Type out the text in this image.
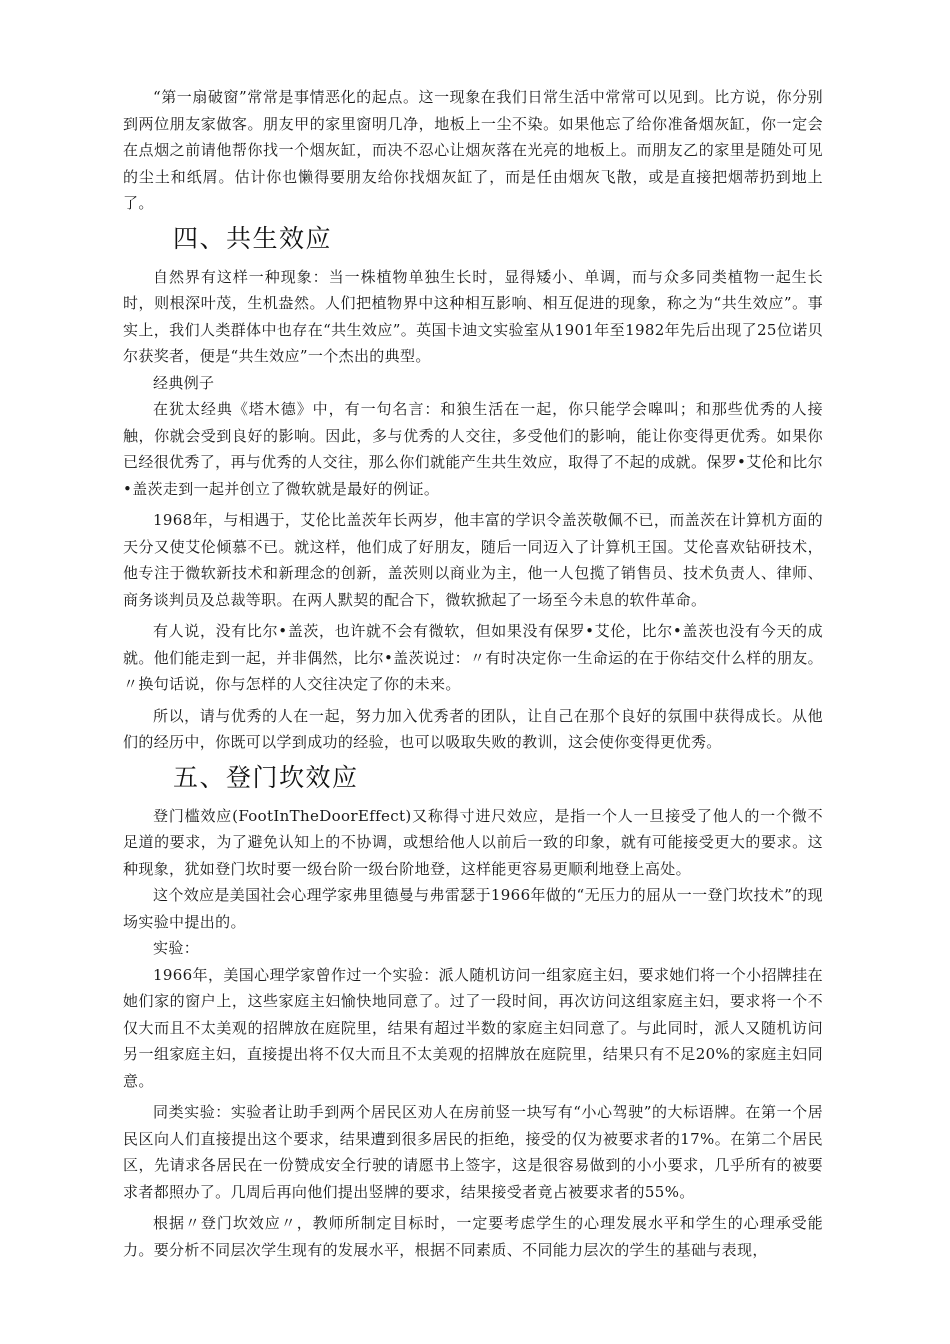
“第一扇破窗”常常是事情恶化的起点。这一现象在我们日常生活中常常可以见到。比方说，你分别到两位朋友家做客。朋友甲的家里窗明几净，地板上一尘不染。如果他忘了给你准备烟灰缸，你一定会在点烟之前请他帮你找一个烟灰缸，而决不忍心让烟灰落在光亮的地板上。而朋友乙的家里是随处可见的尘土和纸屑。估计你也懒得要朋友给你找烟灰缸了，而是任由烟灰飞散，或是直接把烟蒂扔到地上了。

四、共生效应

自然界有这样一种现象：当一株植物单独生长时，显得矮小、单调，而与众多同类植物一起生长时，则根深叶茂，生机盎然。人们把植物界中这种相互影响、相互促进的现象，称之为“共生效应”。事实上，我们人类群体中也存在“共生效应”。英国卡迪文实验室从1901年至1982年先后出现了25位诺贝尔获奖者，便是“共生效应”一个杰出的典型。

经典例子

在犹太经典《塔木德》中，有一句名言：和狼生活在一起，你只能学会嗥叫；和那些优秀的人接触，你就会受到良好的影响。因此，多与优秀的人交往，多受他们的影响，能让你变得更优秀。如果你已经很优秀了，再与优秀的人交往，那么你们就能产生共生效应，取得了不起的成就。保罗•艾伦和比尔•盖茨走到一起并创立了微软就是最好的例证。

1968年，与相遇于，艾伦比盖茨年长两岁，他丰富的学识令盖茨敬佩不已，而盖茨在计算机方面的天分又使艾伦倾慕不已。就这样，他们成了好朋友，随后一同迈入了计算机王国。艾伦喜欢钻研技术，他专注于微软新技术和新理念的创新，盖茨则以商业为主，他一人包揽了销售员、技术负责人、律师、商务谈判员及总裁等职。在两人默契的配合下，微软掀起了一场至今未息的软件革命。

有人说，没有比尔•盖茨，也许就不会有微软，但如果没有保罗•艾伦，比尔•盖茨也没有今天的成就。他们能走到一起，并非偶然，比尔•盖茨说过：〃有时决定你一生命运的在于你结交什么样的朋友。〃换句话说，你与怎样的人交往决定了你的未来。

所以，请与优秀的人在一起，努力加入优秀者的团队，让自己在那个良好的氛围中获得成长。从他们的经历中，你既可以学到成功的经验，也可以吸取失败的教训，这会使你变得更优秀。

五、登门坎效应

登门槛效应(FootInTheDoorEffect)又称得寸进尺效应，是指一个人一旦接受了他人的一个微不足道的要求，为了避免认知上的不协调，或想给他人以前后一致的印象，就有可能接受更大的要求。这种现象，犹如登门坎时要一级台阶一级台阶地登，这样能更容易更顺利地登上高处。

这个效应是美国社会心理学家弗里德曼与弗雷瑟于1966年做的“无压力的屈从一一登门坎技术”的现场实验中提出的。

实验：

1966年，美国心理学家曾作过一个实验：派人随机访问一组家庭主妇，要求她们将一个小招牌挂在她们家的窗户上，这些家庭主妇愉快地同意了。过了一段时间，再次访问这组家庭主妇，要求将一个不仅大而且不太美观的招牌放在庭院里，结果有超过半数的家庭主妇同意了。与此同时，派人又随机访问另一组家庭主妇，直接提出将不仅大而且不太美观的招牌放在庭院里，结果只有不足20%的家庭主妇同意。

同类实验：实验者让助手到两个居民区劝人在房前竖一块写有“小心驾驶”的大标语牌。在第一个居民区向人们直接提出这个要求，结果遭到很多居民的拒绝，接受的仅为被要求者的17%。在第二个居民区，先请求各居民在一份赞成安全行驶的请愿书上签字，这是很容易做到的小小要求，几乎所有的被要求者都照办了。几周后再向他们提出竖牌的要求，结果接受者竟占被要求者的55%。

根据〃登门坎效应〃，教师所制定目标时，一定要考虑学生的心理发展水平和学生的心理承受能力。要分析不同层次学生现有的发展水平，根据不同素质、不同能力层次的学生的基础与表现，
